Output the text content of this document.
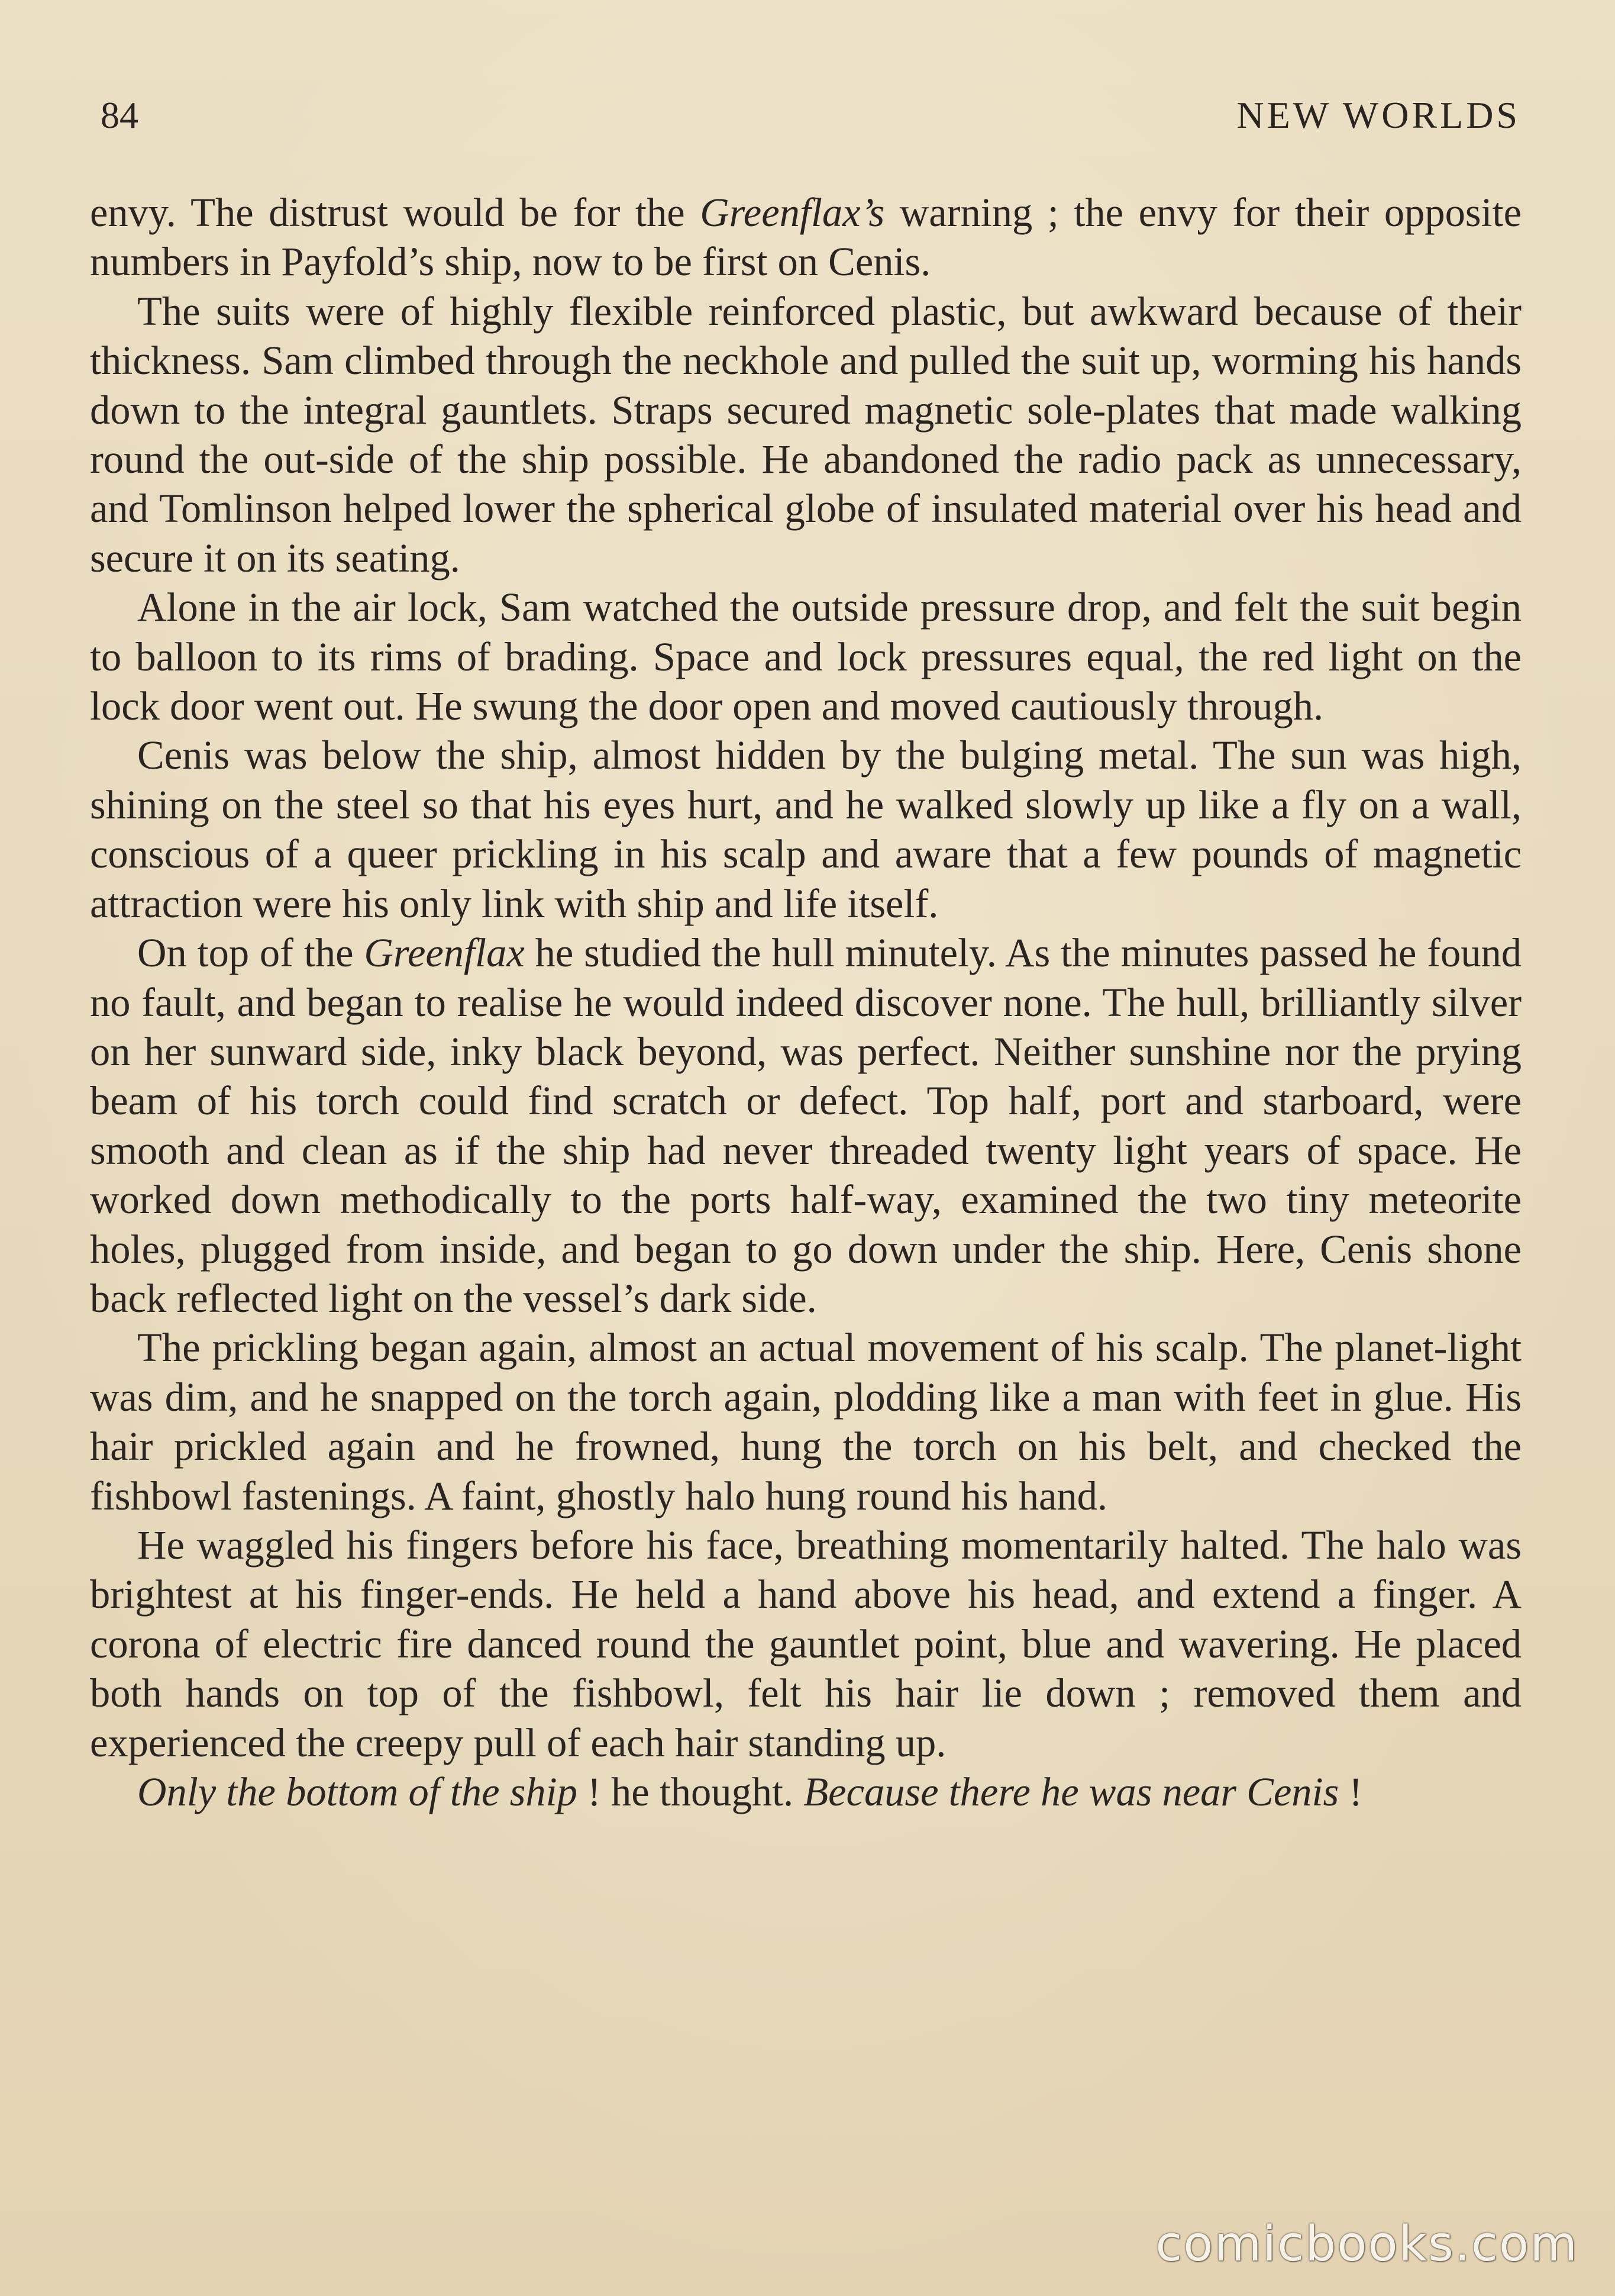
84	NEW WORLDS

envy. The distrust would be for the Greenflax’s warning ; the envy for their opposite numbers in Payfold’s ship, now to be first on Cenis.

The suits were of highly flexible reinforced plastic, but awkward because of their thickness. Sam climbed through the neckhole and pulled the suit up, worming his hands down to the integral gauntlets. Straps secured magnetic sole-plates that made walking round the out-side of the ship possible. He abandoned the radio pack as unnecessary, and Tomlinson helped lower the spherical globe of insulated material over his head and secure it on its seating.

Alone in the air lock, Sam watched the outside pressure drop, and felt the suit begin to balloon to its rims of brading. Space and lock pressures equal, the red light on the lock door went out. He swung the door open and moved cautiously through.

Cenis was below the ship, almost hidden by the bulging metal. The sun was high, shining on the steel so that his eyes hurt, and he walked slowly up like a fly on a wall, conscious of a queer prickling in his scalp and aware that a few pounds of magnetic attraction were his only link with ship and life itself.

On top of the Greenflax he studied the hull minutely. As the minutes passed he found no fault, and began to realise he would indeed discover none. The hull, brilliantly silver on her sunward side, inky black beyond, was perfect. Neither sunshine nor the prying beam of his torch could find scratch or defect. Top half, port and starboard, were smooth and clean as if the ship had never threaded twenty light years of space. He worked down methodically to the ports half-way, examined the two tiny meteorite holes, plugged from inside, and began to go down under the ship. Here, Cenis shone back reflected light on the vessel’s dark side.

The prickling began again, almost an actual movement of his scalp. The planet-light was dim, and he snapped on the torch again, plodding like a man with feet in glue. His hair prickled again and he frowned, hung the torch on his belt, and checked the fishbowl fastenings. A faint, ghostly halo hung round his hand.

He waggled his fingers before his face, breathing momentarily halted. The halo was brightest at his finger-ends. He held a hand above his head, and extend a finger. A corona of electric fire danced round the gauntlet point, blue and wavering. He placed both hands on top of the fishbowl, felt his hair lie down ; removed them and experienced the creepy pull of each hair standing up.

Only the bottom of the ship ! he thought. Because there he was near Cenis !

comicbooks.com
